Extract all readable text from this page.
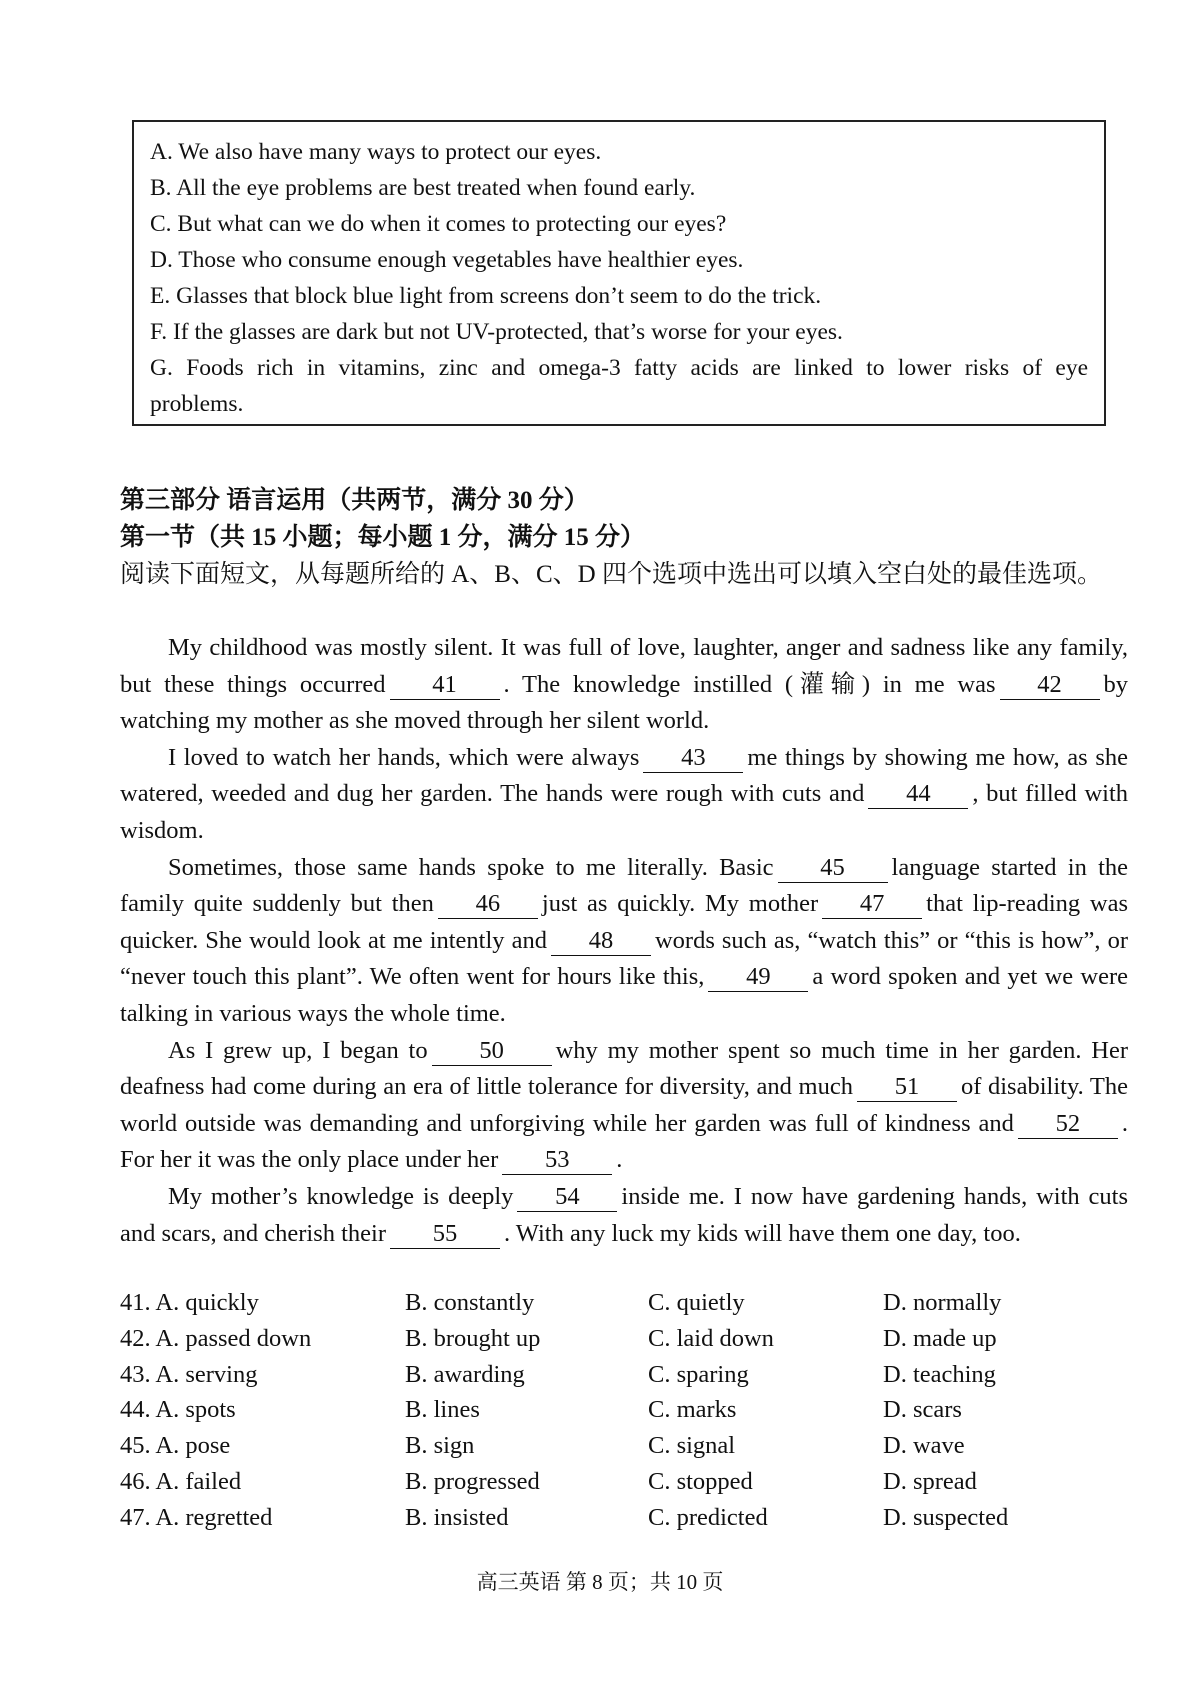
A. We also have many ways to protect our eyes.
B. All the eye problems are best treated when found early.
C. But what can we do when it comes to protecting our eyes?
D. Those who consume enough vegetables have healthier eyes.
E. Glasses that block blue light from screens don’t seem to do the trick.
F. If the glasses are dark but not UV-protected, that’s worse for your eyes.
G. Foods rich in vitamins, zinc and omega-3 fatty acids are linked to lower risks of eye
problems.
第三部分 语言运用（共两节，满分 30 分）
第一节（共 15 小题；每小题 1 分，满分 15 分）
阅读下面短文，从每题所给的 A、B、C、D 四个选项中选出可以填入空白处的最佳选项。

My childhood was mostly silent. It was full of love, laughter, anger and sadness like any family, but these things occurred 41 . The knowledge instilled (灌输) in me was 42 by watching my mother as she moved through her silent world.

I loved to watch her hands, which were always 43 me things by showing me how, as she watered, weeded and dug her garden. The hands were rough with cuts and 44 , but filled with wisdom.

Sometimes, those same hands spoke to me literally. Basic 45 language started in the family quite suddenly but then 46 just as quickly. My mother 47 that lip-reading was quicker. She would look at me intently and 48 words such as, “watch this” or “this is how”, or “never touch this plant”. We often went for hours like this, 49 a word spoken and yet we were talking in various ways the whole time.

As I grew up, I began to 50 why my mother spent so much time in her garden. Her deafness had come during an era of little tolerance for diversity, and much 51 of disability. The world outside was demanding and unforgiving while her garden was full of kindness and 52 . For her it was the only place under her 53 .

My mother’s knowledge is deeply 54 inside me. I now have gardening hands, with cuts and scars, and cherish their 55 . With any luck my kids will have them one day, too.

41. A. quickly	B. constantly	C. quietly	D. normally
42. A. passed down	B. brought up	C. laid down	D. made up
43. A. serving	B. awarding	C. sparing	D. teaching
44. A. spots	B. lines	C. marks	D. scars
45. A. pose	B. sign	C. signal	D. wave
46. A. failed	B. progressed	C. stopped	D. spread
47. A. regretted	B. insisted	C. predicted	D. suspected
高三英语 第 8 页；共 10 页
